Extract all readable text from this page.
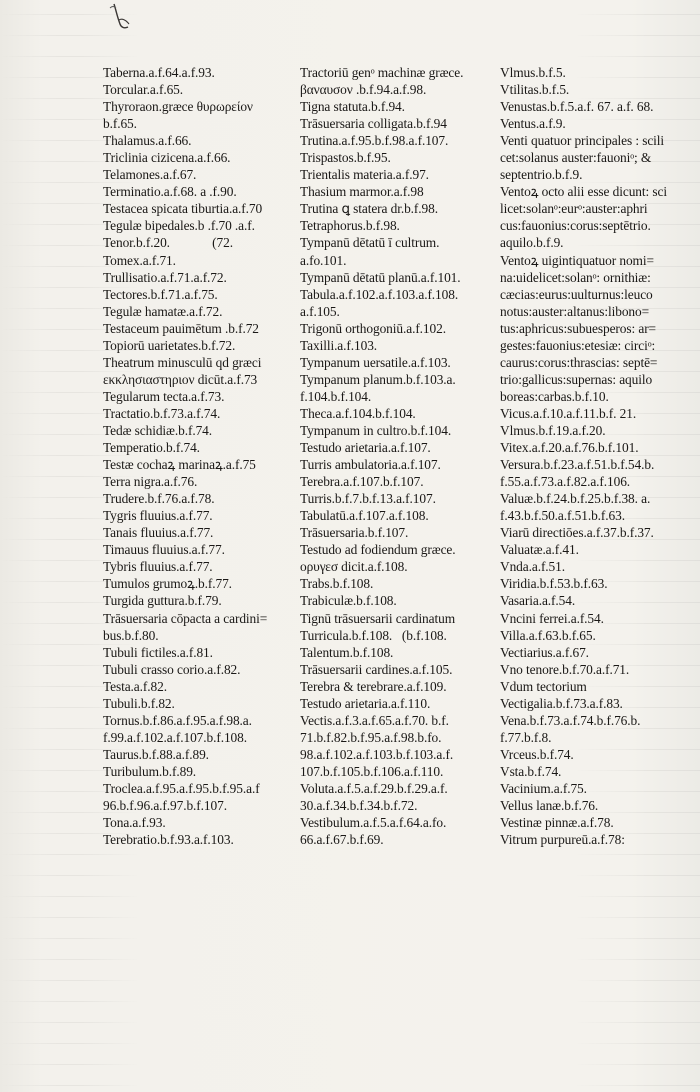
Taberna.a.f.64.a.f.93.
Torcular.a.f.65.
Thyroraon.græce θυρωρείον
b.f.65.
Thalamus.a.f.66.
Triclinia cizicena.a.f.66.
Telamones.a.f.67.
Terminatio.a.f.68. a .f.90.
Testacea spicata tiburtia.a.f.70
Tegulæ bipedales.b .f.70 .a.f.
Tenor.b.f.20.             (72.
Tomex.a.f.71.
Trullisatio.a.f.71.a.f.72.
Tectores.b.f.71.a.f.75.
Tegulæ hamatæ.a.f.72.
Testaceum pauimētum .b.f.72
Topiorū uarietates.b.f.72.
Theatrum minusculū qd græci
εκκλησιαστηριον dicūt.a.f.73
Tegularum tecta.a.f.73.
Tractatio.b.f.73.a.f.74.
Tedæ schidiæ.b.f.74.
Temperatio.b.f.74.
Testæ cochaꝝ marinaꝝ.a.f.75
Terra nigra.a.f.76.
Trudere.b.f.76.a.f.78.
Tygris fluuius.a.f.77.
Tanais fluuius.a.f.77.
Timauus fluuius.a.f.77.
Tybris fluuius.a.f.77.
Tumulos grumoꝝ.b.f.77.
Turgida guttura.b.f.79.
Trāsuersaria cōpacta a cardini=
bus.b.f.80.
Tubuli fictiles.a.f.81.
Tubuli crasso corio.a.f.82.
Testa.a.f.82.
Tubuli.b.f.82.
Tornus.b.f.86.a.f.95.a.f.98.a.
f.99.a.f.102.a.f.107.b.f.108.
Taurus.b.f.88.a.f.89.
Turibulum.b.f.89.
Troclea.a.f.95.a.f.95.b.f.95.a.f
96.b.f.96.a.f.97.b.f.107.
Tona.a.f.93.
Terebratio.b.f.93.a.f.103.
Tractoriū genᵒ machinæ græce.
βαναυσον .b.f.94.a.f.98.
Tigna statuta.b.f.94.
Trāsuersaria colligata.b.f.94
Trutina.a.f.95.b.f.98.a.f.107.
Trispastos.b.f.95.
Trientalis materia.a.f.97.
Thasium marmor.a.f.98
Trutina ꝗ statera dr.b.f.98.
Tetraphorus.b.f.98.
Tympanū dētatū ī cultrum.
a.fo.101.
Tympanū dētatū planū.a.f.101.
Tabula.a.f.102.a.f.103.a.f.108.
a.f.105.
Trigonū orthogoniū.a.f.102.
Taxilli.a.f.103.
Tympanum uersatile.a.f.103.
Tympanum planum.b.f.103.a.
f.104.b.f.104.
Theca.a.f.104.b.f.104.
Tympanum in cultro.b.f.104.
Testudo arietaria.a.f.107.
Turris ambulatoria.a.f.107.
Terebra.a.f.107.b.f.107.
Turris.b.f.7.b.f.13.a.f.107.
Tabulatū.a.f.107.a.f.108.
Trāsuersaria.b.f.107.
Testudo ad fodiendum græce.
ορυγεσ dicit.a.f.108.
Trabs.b.f.108.
Trabiculæ.b.f.108.
Tignū trāsuersarii cardinatum
Turricula.b.f.108.   (b.f.108.
Talentum.b.f.108.
Trāsuersarii cardines.a.f.105.
Terebra & terebrare.a.f.109.
Testudo arietaria.a.f.110.
Vectis.a.f.3.a.f.65.a.f.70. b.f.
71.b.f.82.b.f.95.a.f.98.b.fo.
98.a.f.102.a.f.103.b.f.103.a.f.
107.b.f.105.b.f.106.a.f.110.
Voluta.a.f.5.a.f.29.b.f.29.a.f.
30.a.f.34.b.f.34.b.f.72.
Vestibulum.a.f.5.a.f.64.a.fo.
66.a.f.67.b.f.69.
Vlmus.b.f.5.
Vtilitas.b.f.5.
Venustas.b.f.5.a.f. 67. a.f. 68.
Ventus.a.f.9.
Venti quatuor principales : scili
cet:solanus auster:fauoniᵒ; &
septentrio.b.f.9.
Ventoꝝ octo alii esse dicunt: sci
licet:solanᵒ:eurᵒ:auster:aphri
cus:fauonius:corus:septētrio.
aquilo.b.f.9.
Ventoꝝ uigintiquatuor nomi=
na:uidelicet:solanᵒ: ornithiæ:
cæcias:eurus:uulturnus:leuco
notus:auster:altanus:libono=
tus:aphricus:subuesperos: ar=
gestes:fauonius:etesiæ: circiᵒ:
caurus:corus:thrascias: septē=
trio:gallicus:supernas: aquilo
boreas:carbas.b.f.10.
Vicus.a.f.10.a.f.11.b.f. 21.
Vlmus.b.f.19.a.f.20.
Vitex.a.f.20.a.f.76.b.f.101.
Versura.b.f.23.a.f.51.b.f.54.b.
f.55.a.f.73.a.f.82.a.f.106.
Valuæ.b.f.24.b.f.25.b.f.38. a.
f.43.b.f.50.a.f.51.b.f.63.
Viarū directiōes.a.f.37.b.f.37.
Valuatæ.a.f.41.
Vnda.a.f.51.
Viridia.b.f.53.b.f.63.
Vasaria.a.f.54.
Vncini ferrei.a.f.54.
Villa.a.f.63.b.f.65.
Vectiarius.a.f.67.
Vno tenore.b.f.70.a.f.71.
Vdum tectorium
Vectigalia.b.f.73.a.f.83.
Vena.b.f.73.a.f.74.b.f.76.b.
f.77.b.f.8.
Vrceus.b.f.74.
Vsta.b.f.74.
Vacinium.a.f.75.
Vellus lanæ.b.f.76.
Vestinæ pinnæ.a.f.78.
Vitrum purpureū.a.f.78:
